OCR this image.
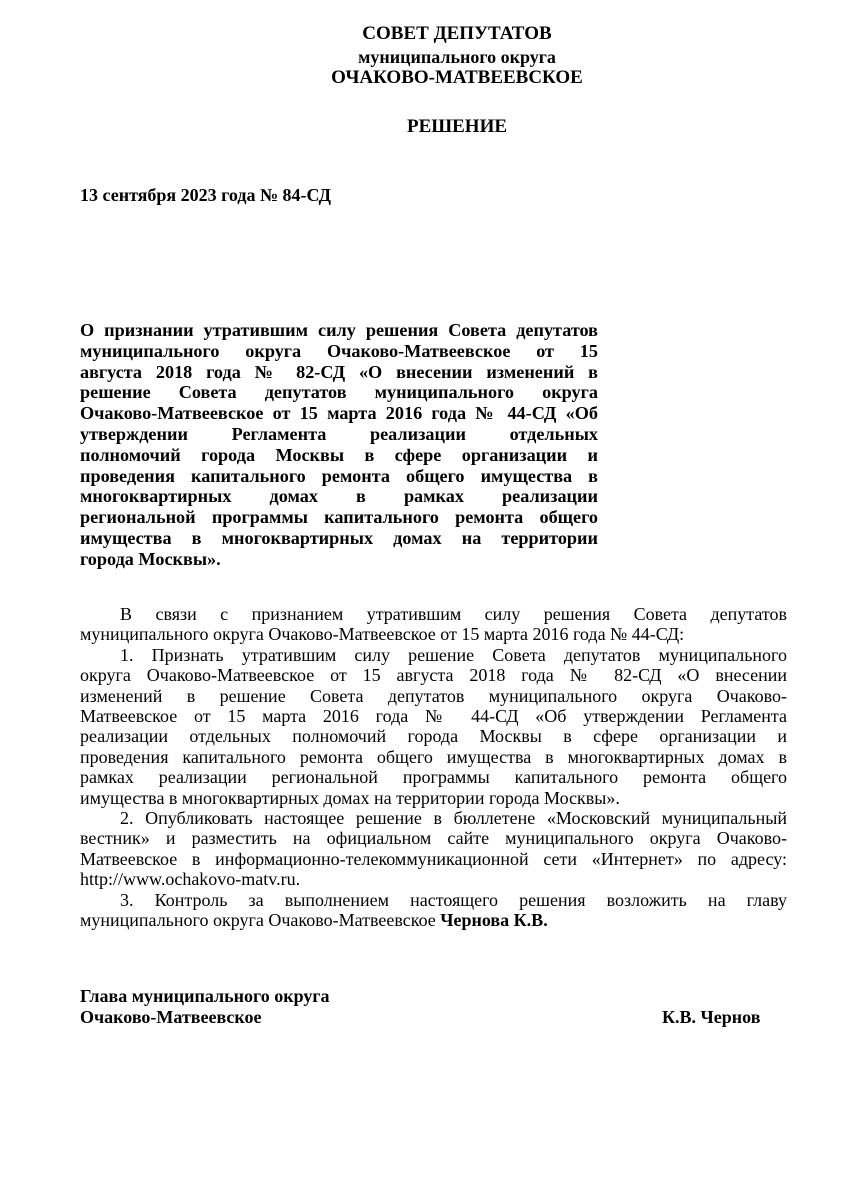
СОВЕТ ДЕПУТАТОВ
муниципального округа
ОЧАКОВО-МАТВЕЕВСКОЕ
РЕШЕНИЕ
13 сентября 2023 года № 84-СД
О признании утратившим силу решения Совета депутатов
муниципального округа Очаково-Матвеевское от 15
августа 2018 года № 82-СД «О внесении изменений в
решение Совета депутатов муниципального округа
Очаково-Матвеевское от 15 марта 2016 года № 44-СД «Об
утверждении Регламента реализации отдельных
полномочий города Москвы в сфере организации и
проведения капитального ремонта общего имущества в
многоквартирных домах в рамках реализации
региональной программы капитального ремонта общего
имущества в многоквартирных домах на территории
города Москвы».
В связи с признанием утратившим силу решения Совета депутатов
муниципального округа Очаково-Матвеевское от 15 марта 2016 года № 44-СД:
1. Признать утратившим силу решение Совета депутатов муниципального
округа Очаково-Матвеевское от 15 августа 2018 года № 82-СД «О внесении
изменений в решение Совета депутатов муниципального округа Очаково-
Матвеевское от 15 марта 2016 года № 44-СД «Об утверждении Регламента
реализации отдельных полномочий города Москвы в сфере организации и
проведения капитального ремонта общего имущества в многоквартирных домах в
рамках реализации региональной программы капитального ремонта общего
имущества в многоквартирных домах на территории города Москвы».
2. Опубликовать настоящее решение в бюллетене «Московский муниципальный
вестник» и разместить на официальном сайте муниципального округа Очаково-
Матвеевское в информационно-телекоммуникационной сети «Интернет» по адресу:
http://www.ochakovo-matv.ru.
3. Контроль за выполнением настоящего решения возложить на главу
муниципального округа Очаково-Матвеевское Чернова К.В.
Глава муниципального округа
Очаково-Матвеевское	К.В. Чернов
